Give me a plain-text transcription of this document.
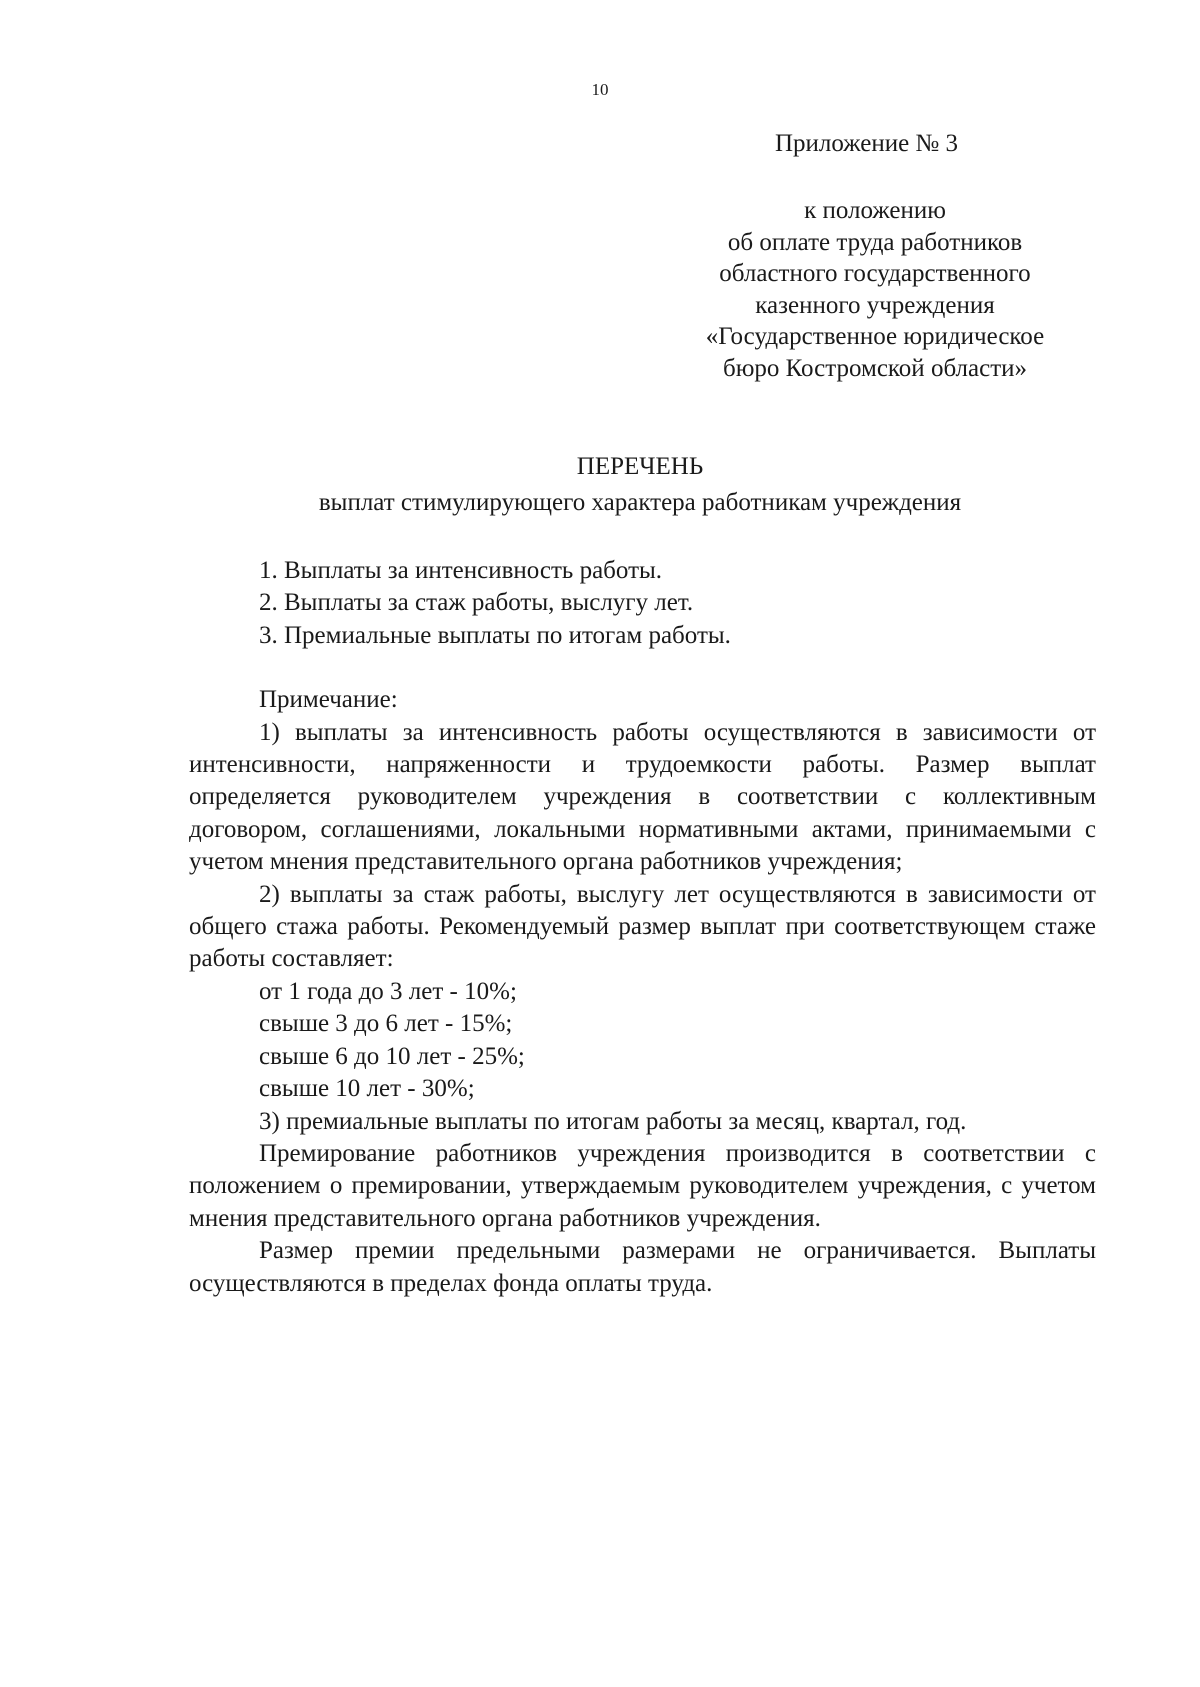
10
Приложение № 3
к положению
об оплате труда работников
областного государственного
казенного учреждения
«Государственное юридическое
бюро Костромской области»
ПЕРЕЧЕНЬ
выплат стимулирующего характера работникам учреждения
1. Выплаты за интенсивность работы.
2. Выплаты за стаж работы, выслугу лет.
3. Премиальные выплаты по итогам работы.
Примечание:
1) выплаты за интенсивность работы осуществляются в зависимости от интенсивности, напряженности и трудоемкости работы. Размер выплат определяется руководителем учреждения в соответствии с коллективным договором, соглашениями, локальными нормативными актами, принимаемыми с учетом мнения представительного органа работников учреждения;
2) выплаты за стаж работы, выслугу лет осуществляются в зависимости от общего стажа работы. Рекомендуемый размер выплат при соответствующем стаже работы составляет:
от 1 года до 3 лет - 10%;
свыше 3 до 6 лет - 15%;
свыше 6 до 10 лет - 25%;
свыше 10 лет - 30%;
3) премиальные выплаты по итогам работы за месяц, квартал, год.
Премирование работников учреждения производится в соответствии с положением о премировании, утверждаемым руководителем учреждения, с учетом мнения представительного органа работников учреждения.
Размер премии предельными размерами не ограничивается. Выплаты осуществляются в пределах фонда оплаты труда.
